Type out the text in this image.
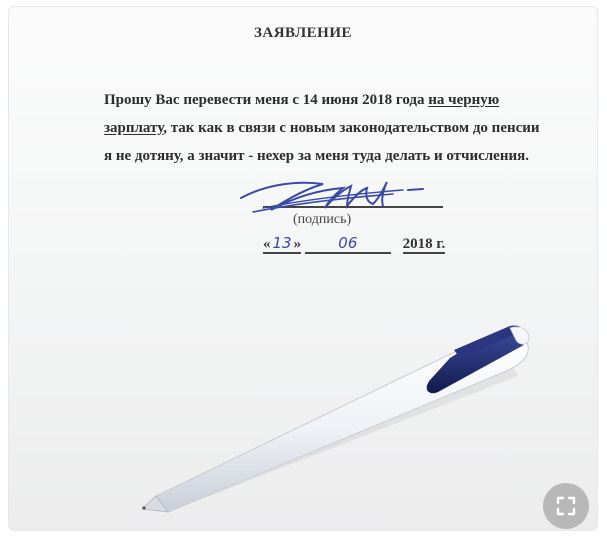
ЗАЯВЛЕНИЕ
Прошу Вас перевести меня с 14 июня 2018 года на черную
зарплату, так как в связи с новым законодательством до пенсии
я не дотяну, а значит - нехер за меня туда делать и отчисления.
(подпись)
« 13 » 06	2018 г.
